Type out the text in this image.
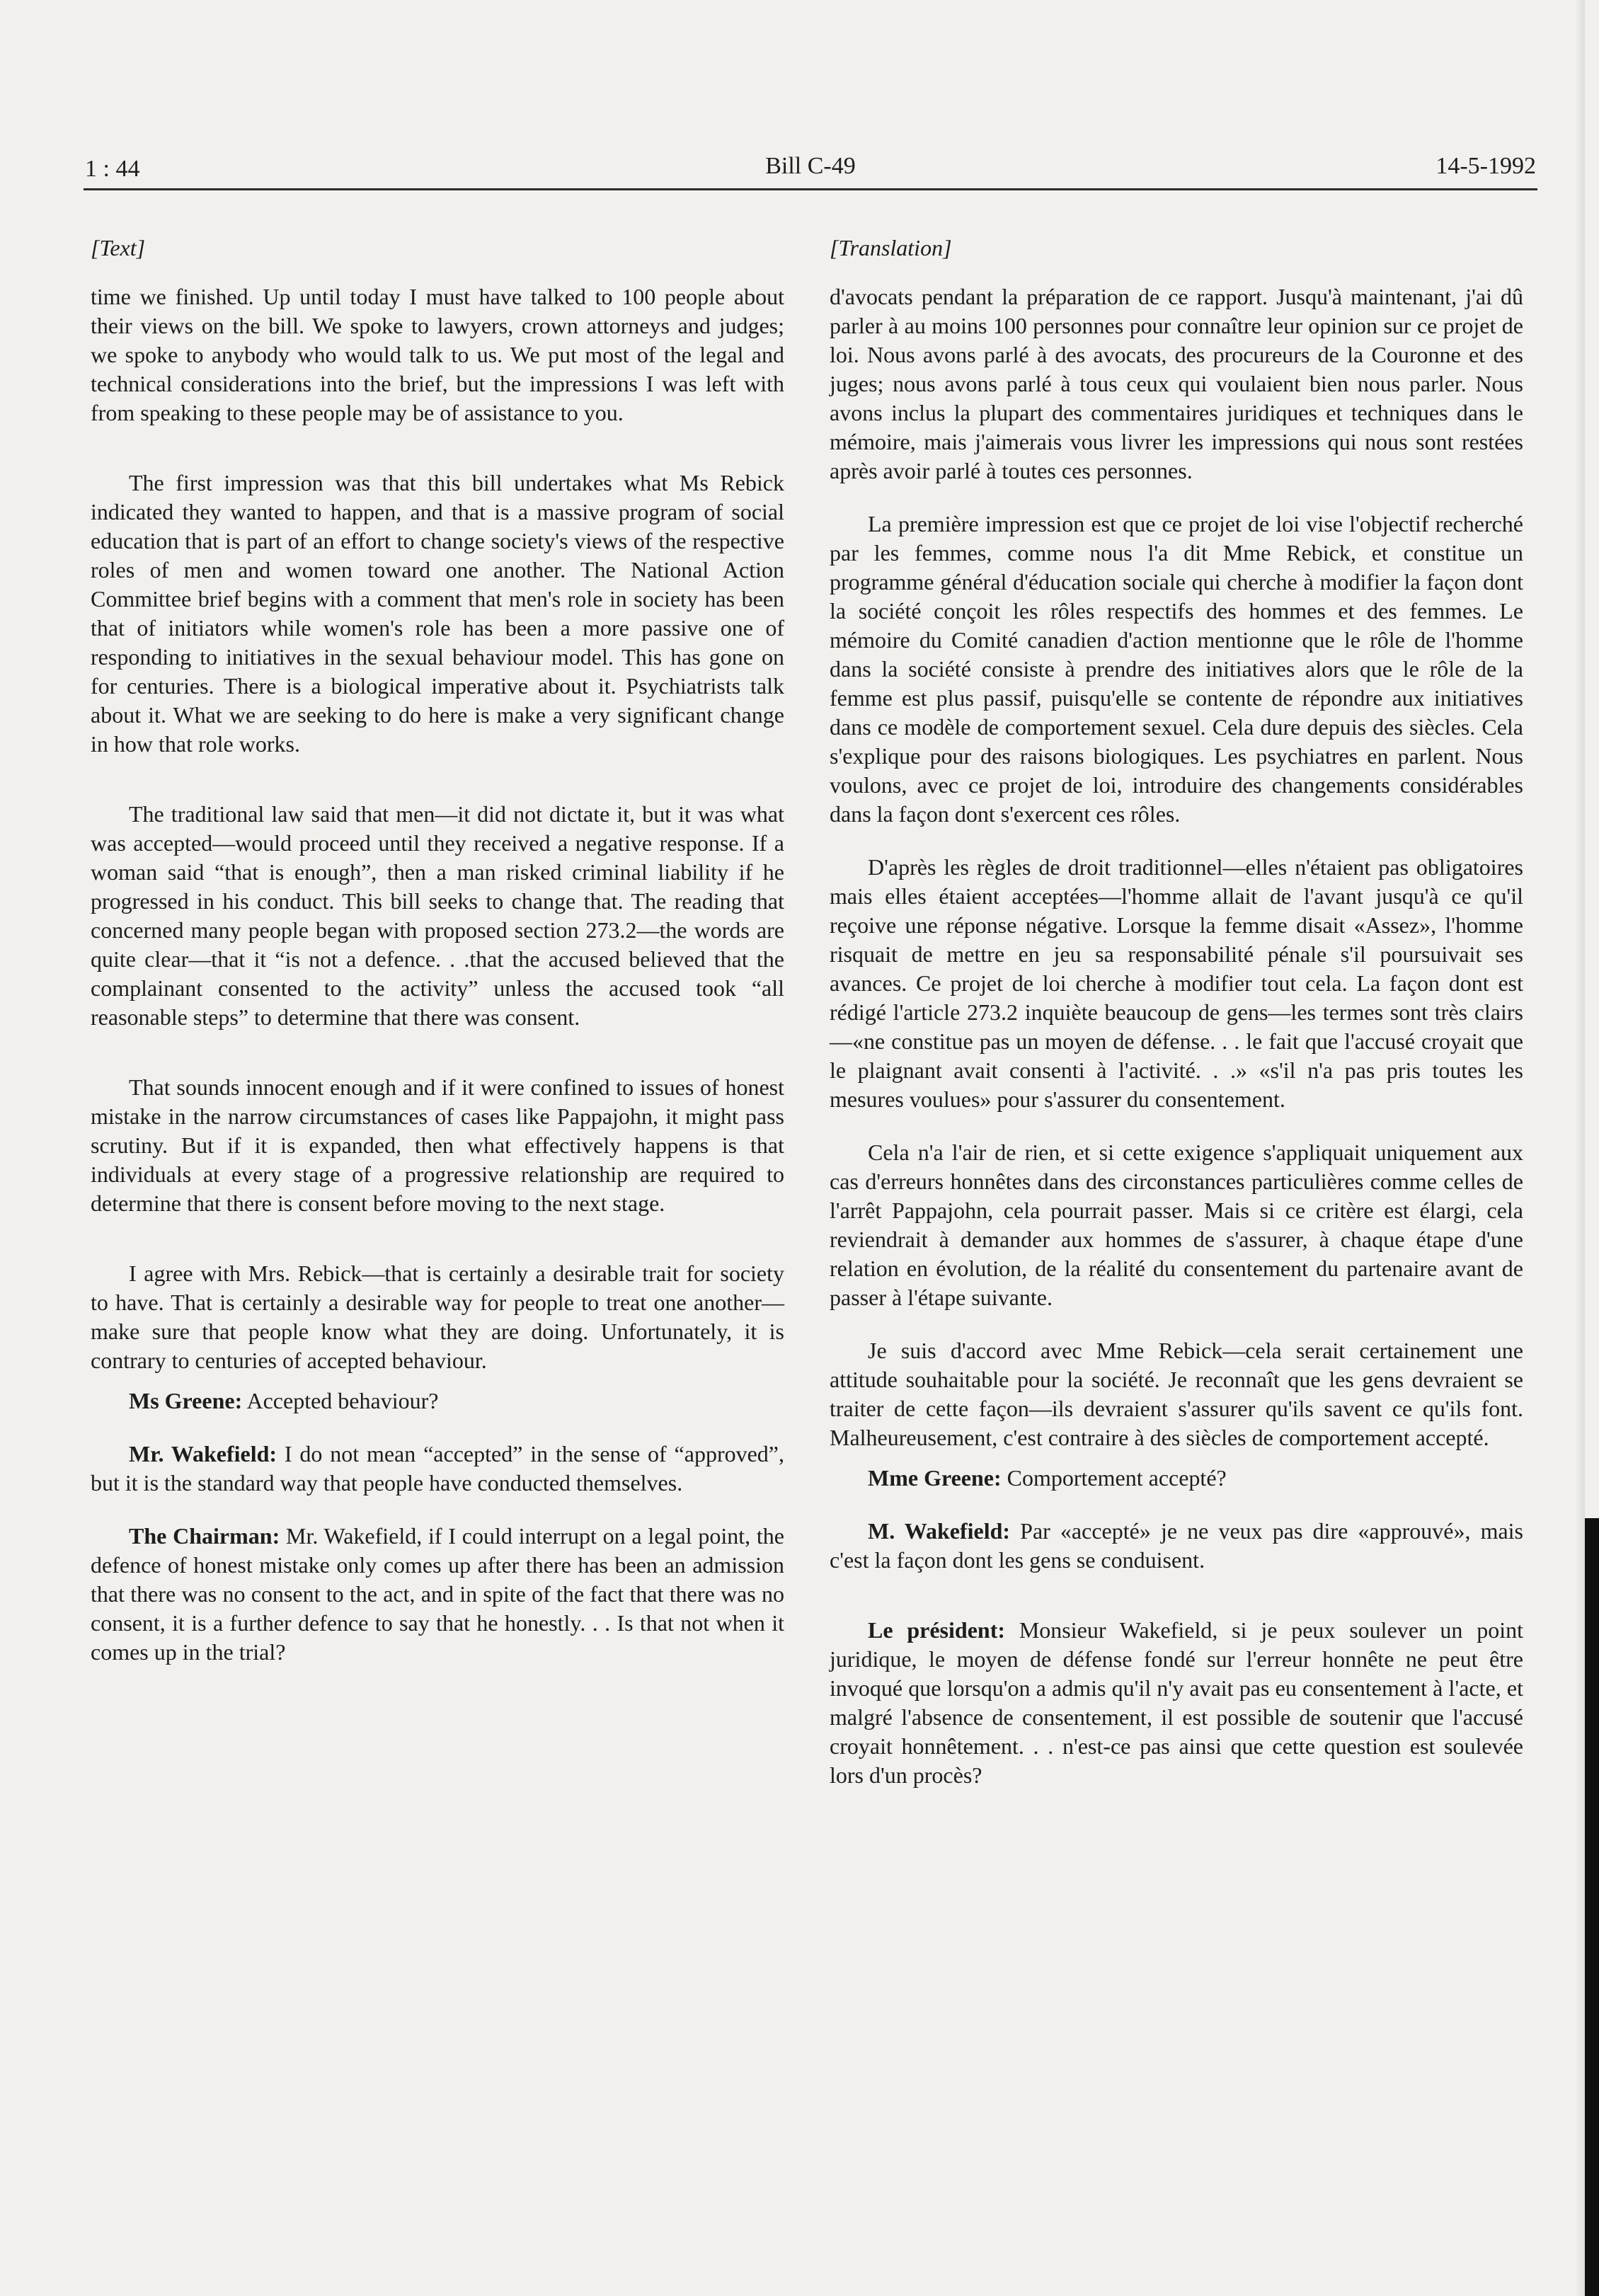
1 : 44	Bill C-49	14-5-1992
[Text]

time we finished. Up until today I must have talked to 100 people about their views on the bill. We spoke to lawyers, crown attorneys and judges; we spoke to anybody who would talk to us. We put most of the legal and technical considerations into the brief, but the impressions I was left with from speaking to these people may be of assistance to you.

The first impression was that this bill undertakes what Ms Rebick indicated they wanted to happen, and that is a massive program of social education that is part of an effort to change society's views of the respective roles of men and women toward one another. The National Action Committee brief begins with a comment that men's role in society has been that of initiators while women's role has been a more passive one of responding to initiatives in the sexual behaviour model. This has gone on for centuries. There is a biological imperative about it. Psychiatrists talk about it. What we are seeking to do here is make a very significant change in how that role works.

The traditional law said that men—it did not dictate it, but it was what was accepted—would proceed until they received a negative response. If a woman said “that is enough”, then a man risked criminal liability if he progressed in his conduct. This bill seeks to change that. The reading that concerned many people began with proposed section 273.2—the words are quite clear—that it “is not a defence. . .that the accused believed that the complainant consented to the activity” unless the accused took “all reasonable steps” to determine that there was consent.

That sounds innocent enough and if it were confined to issues of honest mistake in the narrow circumstances of cases like Pappajohn, it might pass scrutiny. But if it is expanded, then what effectively happens is that individuals at every stage of a progressive relationship are required to determine that there is consent before moving to the next stage.

I agree with Mrs. Rebick—that is certainly a desirable trait for society to have. That is certainly a desirable way for people to treat one another—make sure that people know what they are doing. Unfortunately, it is contrary to centuries of accepted behaviour.

Ms Greene: Accepted behaviour?

Mr. Wakefield: I do not mean “accepted” in the sense of “approved”, but it is the standard way that people have conducted themselves.

The Chairman: Mr. Wakefield, if I could interrupt on a legal point, the defence of honest mistake only comes up after there has been an admission that there was no consent to the act, and in spite of the fact that there was no consent, it is a further defence to say that he honestly. . . Is that not when it comes up in the trial?

[Translation]

d'avocats pendant la préparation de ce rapport. Jusqu'à maintenant, j'ai dû parler à au moins 100 personnes pour connaître leur opinion sur ce projet de loi. Nous avons parlé à des avocats, des procureurs de la Couronne et des juges; nous avons parlé à tous ceux qui voulaient bien nous parler. Nous avons inclus la plupart des commentaires juridiques et techniques dans le mémoire, mais j'aimerais vous livrer les impressions qui nous sont restées après avoir parlé à toutes ces personnes.

La première impression est que ce projet de loi vise l'objectif recherché par les femmes, comme nous l'a dit Mme Rebick, et constitue un programme général d'éducation sociale qui cherche à modifier la façon dont la société conçoit les rôles respectifs des hommes et des femmes. Le mémoire du Comité canadien d'action mentionne que le rôle de l'homme dans la société consiste à prendre des initiatives alors que le rôle de la femme est plus passif, puisqu'elle se contente de répondre aux initiatives dans ce modèle de comportement sexuel. Cela dure depuis des siècles. Cela s'explique pour des raisons biologiques. Les psychiatres en parlent. Nous voulons, avec ce projet de loi, introduire des changements considérables dans la façon dont s'exercent ces rôles.

D'après les règles de droit traditionnel—elles n'étaient pas obligatoires mais elles étaient acceptées—l'homme allait de l'avant jusqu'à ce qu'il reçoive une réponse négative. Lorsque la femme disait «Assez», l'homme risquait de mettre en jeu sa responsabilité pénale s'il poursuivait ses avances. Ce projet de loi cherche à modifier tout cela. La façon dont est rédigé l'article 273.2 inquiète beaucoup de gens—les termes sont très clairs—«ne constitue pas un moyen de défense. . . le fait que l'accusé croyait que le plaignant avait consenti à l'activité. . .» «s'il n'a pas pris toutes les mesures voulues» pour s'assurer du consentement.

Cela n'a l'air de rien, et si cette exigence s'appliquait uniquement aux cas d'erreurs honnêtes dans des circonstances particulières comme celles de l'arrêt Pappajohn, cela pourrait passer. Mais si ce critère est élargi, cela reviendrait à demander aux hommes de s'assurer, à chaque étape d'une relation en évolution, de la réalité du consentement du partenaire avant de passer à l'étape suivante.

Je suis d'accord avec Mme Rebick—cela serait certainement une attitude souhaitable pour la société. Je reconnaît que les gens devraient se traiter de cette façon—ils devraient s'assurer qu'ils savent ce qu'ils font. Malheureusement, c'est contraire à des siècles de comportement accepté.

Mme Greene: Comportement accepté?

M. Wakefield: Par «accepté» je ne veux pas dire «approuvé», mais c'est la façon dont les gens se conduisent.

Le président: Monsieur Wakefield, si je peux soulever un point juridique, le moyen de défense fondé sur l'erreur honnête ne peut être invoqué que lorsqu'on a admis qu'il n'y avait pas eu consentement à l'acte, et malgré l'absence de consentement, il est possible de soutenir que l'accusé croyait honnêtement. . . n'est-ce pas ainsi que cette question est soulevée lors d'un procès?
